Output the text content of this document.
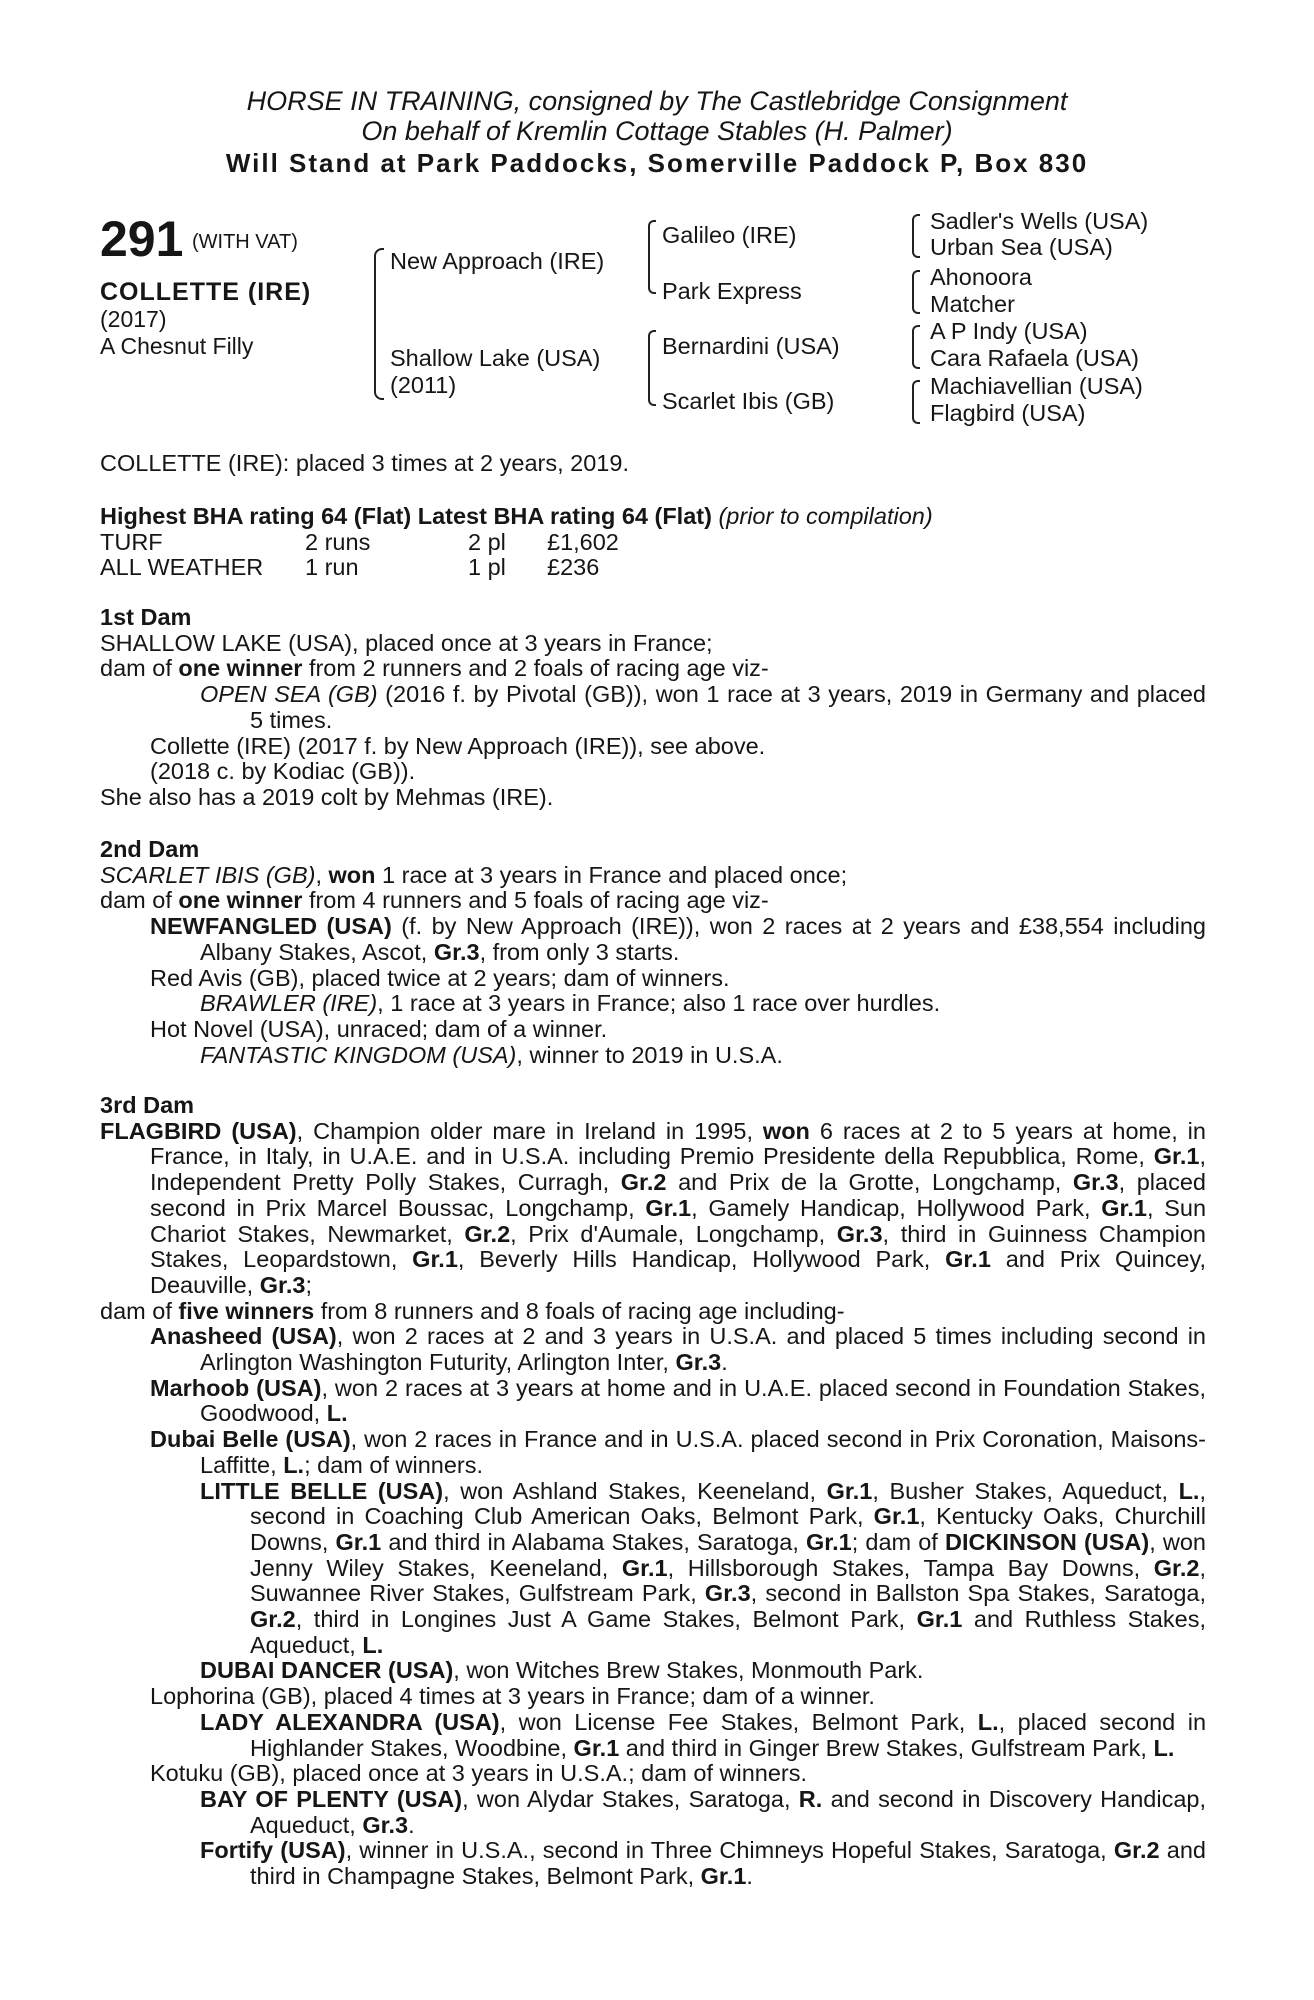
HORSE IN TRAINING, consigned by The Castlebridge Consignment
On behalf of Kremlin Cottage Stables (H. Palmer)
Will Stand at Park Paddocks, Somerville Paddock P, Box 830
291 (WITH VAT)
COLLETTE (IRE)
(2017)
A Chesnut Filly
New Approach (IRE)
Shallow Lake (USA)
(2011)
Galileo (IRE)
Park Express
Bernardini (USA)
Scarlet Ibis (GB)
Sadler's Wells (USA)
Urban Sea (USA)
Ahonoora
Matcher
A P Indy (USA)
Cara Rafaela (USA)
Machiavellian (USA)
Flagbird (USA)
COLLETTE (IRE): placed 3 times at 2 years, 2019.
Highest BHA rating 64 (Flat) Latest BHA rating 64 (Flat) (prior to compilation)
TURF	2 runs	2 pl	£1,602
ALL WEATHER	1 run	1 pl	£236
1st Dam
SHALLOW LAKE (USA), placed once at 3 years in France;
dam of one winner from 2 runners and 2 foals of racing age viz-
OPEN SEA (GB) (2016 f. by Pivotal (GB)), won 1 race at 3 years, 2019 in Germany and placed 5 times.
Collette (IRE) (2017 f. by New Approach (IRE)), see above.
(2018 c. by Kodiac (GB)).
She also has a 2019 colt by Mehmas (IRE).
2nd Dam
SCARLET IBIS (GB), won 1 race at 3 years in France and placed once;
dam of one winner from 4 runners and 5 foals of racing age viz-
NEWFANGLED (USA) (f. by New Approach (IRE)), won 2 races at 2 years and £38,554 including Albany Stakes, Ascot, Gr.3, from only 3 starts.
Red Avis (GB), placed twice at 2 years; dam of winners.
BRAWLER (IRE), 1 race at 3 years in France; also 1 race over hurdles.
Hot Novel (USA), unraced; dam of a winner.
FANTASTIC KINGDOM (USA), winner to 2019 in U.S.A.
3rd Dam
FLAGBIRD (USA), Champion older mare in Ireland in 1995, won 6 races at 2 to 5 years at home, in France, in Italy, in U.A.E. and in U.S.A. including Premio Presidente della Repubblica, Rome, Gr.1, Independent Pretty Polly Stakes, Curragh, Gr.2 and Prix de la Grotte, Longchamp, Gr.3, placed second in Prix Marcel Boussac, Longchamp, Gr.1, Gamely Handicap, Hollywood Park, Gr.1, Sun Chariot Stakes, Newmarket, Gr.2, Prix d'Aumale, Longchamp, Gr.3, third in Guinness Champion Stakes, Leopardstown, Gr.1, Beverly Hills Handicap, Hollywood Park, Gr.1 and Prix Quincey, Deauville, Gr.3;
dam of five winners from 8 runners and 8 foals of racing age including-
Anasheed (USA), won 2 races at 2 and 3 years in U.S.A. and placed 5 times including second in Arlington Washington Futurity, Arlington Inter, Gr.3.
Marhoob (USA), won 2 races at 3 years at home and in U.A.E. placed second in Foundation Stakes, Goodwood, L.
Dubai Belle (USA), won 2 races in France and in U.S.A. placed second in Prix Coronation, Maisons-Laffitte, L.; dam of winners.
LITTLE BELLE (USA), won Ashland Stakes, Keeneland, Gr.1, Busher Stakes, Aqueduct, L., second in Coaching Club American Oaks, Belmont Park, Gr.1, Kentucky Oaks, Churchill Downs, Gr.1 and third in Alabama Stakes, Saratoga, Gr.1; dam of DICKINSON (USA), won Jenny Wiley Stakes, Keeneland, Gr.1, Hillsborough Stakes, Tampa Bay Downs, Gr.2, Suwannee River Stakes, Gulfstream Park, Gr.3, second in Ballston Spa Stakes, Saratoga, Gr.2, third in Longines Just A Game Stakes, Belmont Park, Gr.1 and Ruthless Stakes, Aqueduct, L.
DUBAI DANCER (USA), won Witches Brew Stakes, Monmouth Park.
Lophorina (GB), placed 4 times at 3 years in France; dam of a winner.
LADY ALEXANDRA (USA), won License Fee Stakes, Belmont Park, L., placed second in Highlander Stakes, Woodbine, Gr.1 and third in Ginger Brew Stakes, Gulfstream Park, L.
Kotuku (GB), placed once at 3 years in U.S.A.; dam of winners.
BAY OF PLENTY (USA), won Alydar Stakes, Saratoga, R. and second in Discovery Handicap, Aqueduct, Gr.3.
Fortify (USA), winner in U.S.A., second in Three Chimneys Hopeful Stakes, Saratoga, Gr.2 and third in Champagne Stakes, Belmont Park, Gr.1.
